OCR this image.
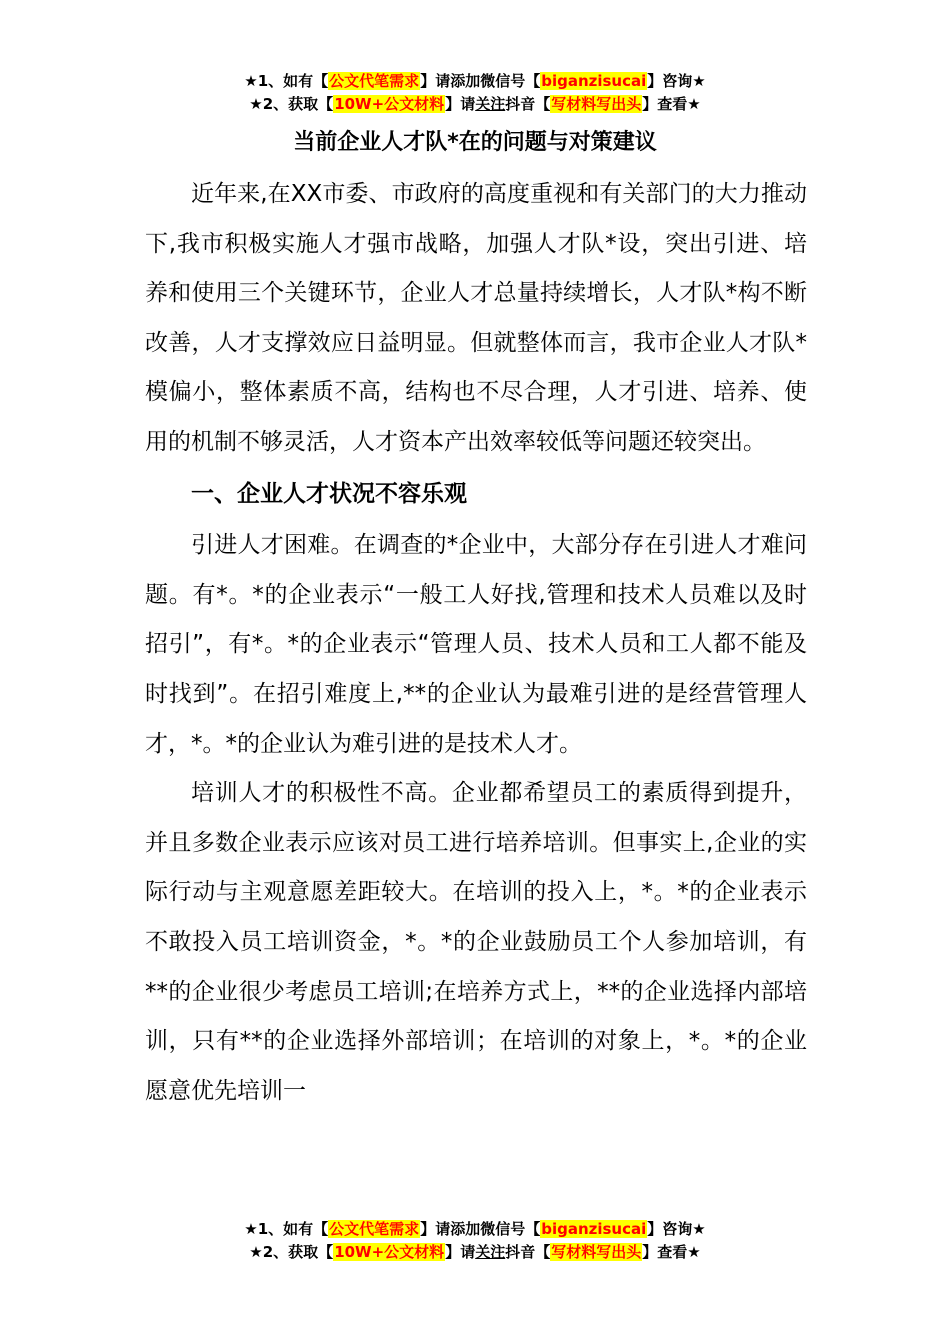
★1、如有【公文代笔需求】请添加微信号【biganzisucai】咨询★
★2、获取【10W+公文材料】请关注抖音【写材料写出头】查看★
当前企业人才队*在的问题与对策建议

近年来,在XX市委、市政府的高度重视和有关部门的大力推动下,我市积极实施人才强市战略，加强人才队*设，突出引进、培养和使用三个关键环节，企业人才总量持续增长，人才队*构不断改善，人才支撑效应日益明显。但就整体而言，我市企业人才队*模偏小，整体素质不高，结构也不尽合理，人才引进、培养、使用的机制不够灵活，人才资本产出效率较低等问题还较突出。

一、企业人才状况不容乐观

引进人才困难。在调查的*企业中，大部分存在引进人才难问题。有*。*的企业表示“一般工人好找,管理和技术人员难以及时招引”，有*。*的企业表示“管理人员、技术人员和工人都不能及时找到”。在招引难度上,**的企业认为最难引进的是经营管理人才，*。*的企业认为难引进的是技术人才。

培训人才的积极性不高。企业都希望员工的素质得到提升，并且多数企业表示应该对员工进行培养培训。但事实上,企业的实际行动与主观意愿差距较大。在培训的投入上，*。*的企业表示不敢投入员工培训资金，*。*的企业鼓励员工个人参加培训，有**的企业很少考虑员工培训;在培养方式上，**的企业选择内部培训，只有**的企业选择外部培训；在培训的对象上，*。*的企业愿意优先培训一

★1、如有【公文代笔需求】请添加微信号【biganzisucai】咨询★
★2、获取【10W+公文材料】请关注抖音【写材料写出头】查看★
